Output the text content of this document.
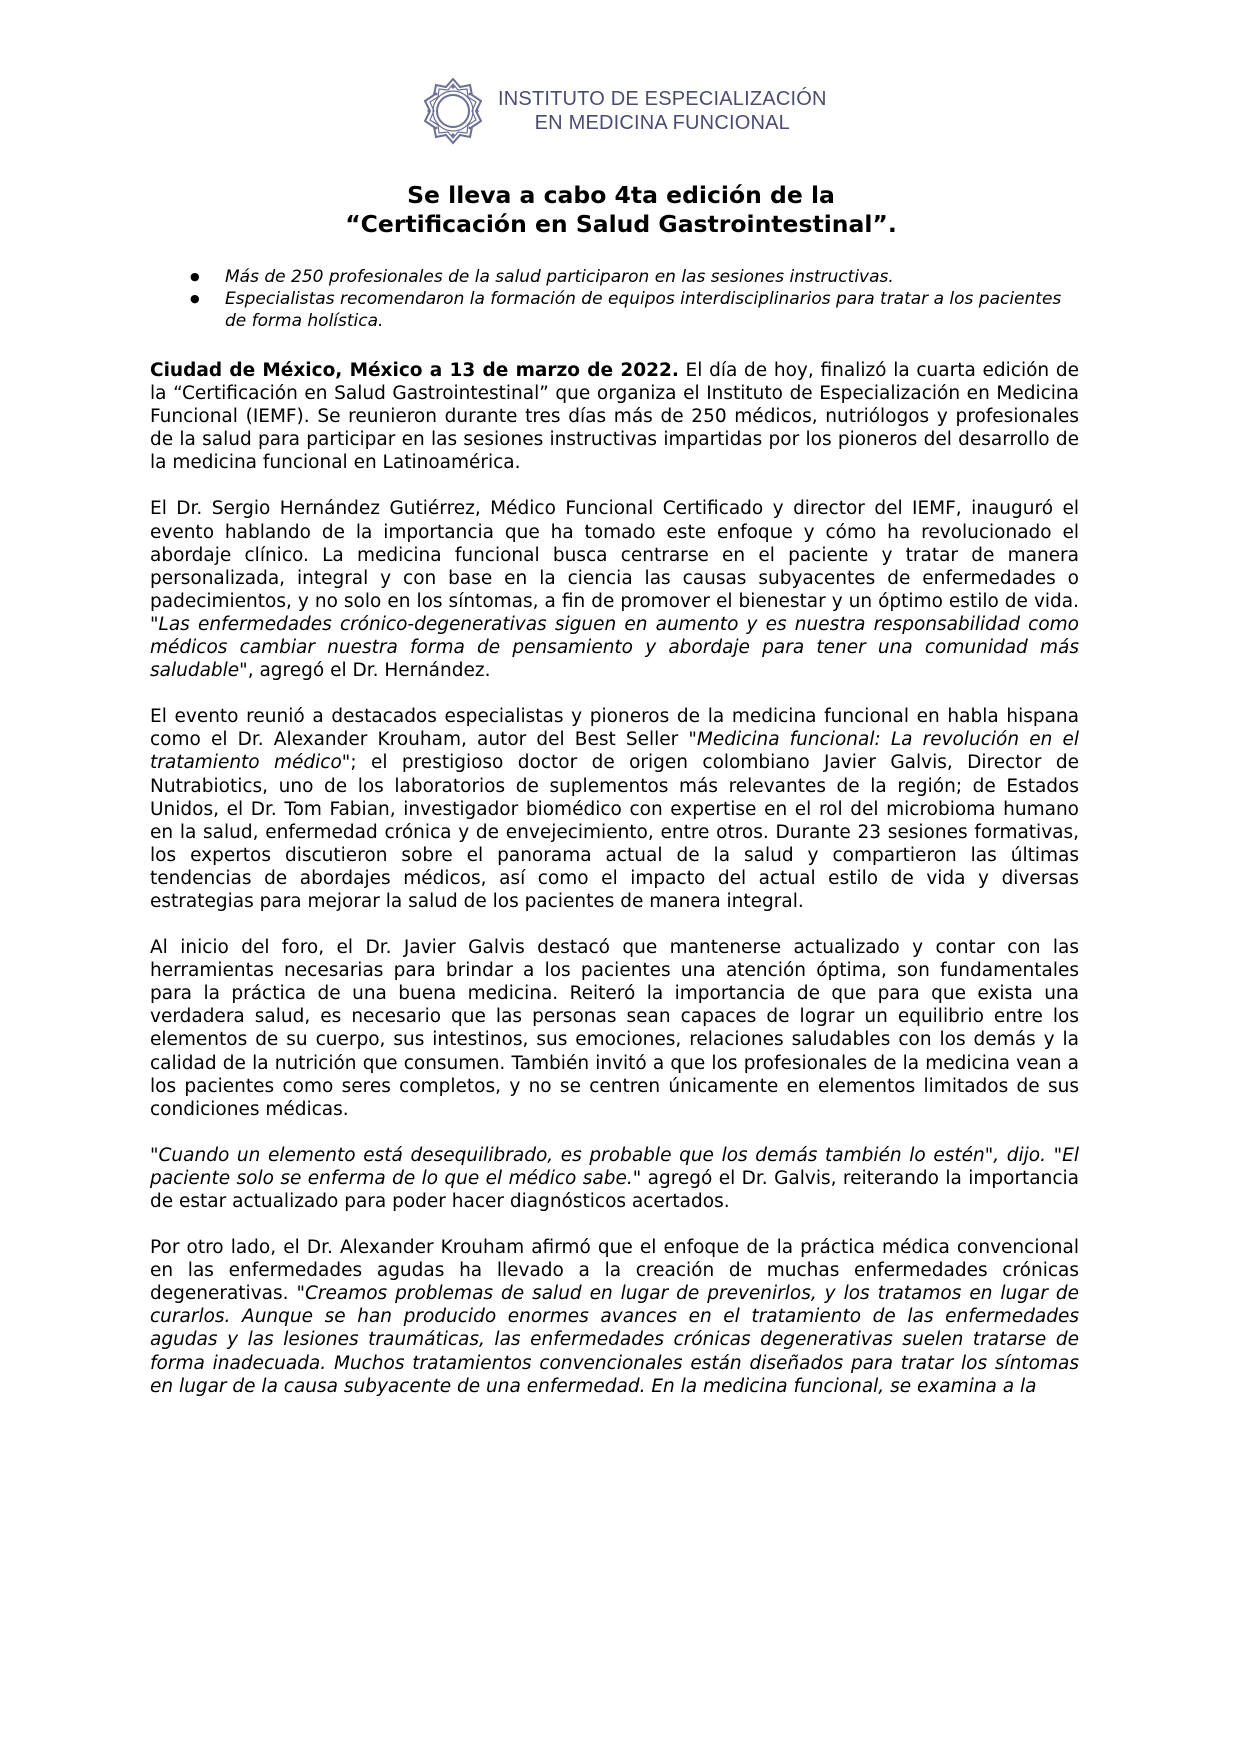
INSTITUTO DE ESPECIALIZACIÓN
EN MEDICINA FUNCIONAL
Se lleva a cabo 4ta edición de la
“Certificación en Salud Gastrointestinal”.
● Más de 250 profesionales de la salud participaron en las sesiones instructivas.
● Especialistas recomendaron la formación de equipos interdisciplinarios para tratar a los pacientes de forma holística.

Ciudad de México, México a 13 de marzo de 2022. El día de hoy, finalizó la cuarta edición de la “Certificación en Salud Gastrointestinal” que organiza el Instituto de Especialización en Medicina Funcional (IEMF). Se reunieron durante tres días más de 250 médicos, nutriólogos y profesionales de la salud para participar en las sesiones instructivas impartidas por los pioneros del desarrollo de la medicina funcional en Latinoamérica.

El Dr. Sergio Hernández Gutiérrez, Médico Funcional Certificado y director del IEMF, inauguró el evento hablando de la importancia que ha tomado este enfoque y cómo ha revolucionado el abordaje clínico. La medicina funcional busca centrarse en el paciente y tratar de manera personalizada, integral y con base en la ciencia las causas subyacentes de enfermedades o padecimientos, y no solo en los síntomas, a fin de promover el bienestar y un óptimo estilo de vida. "Las enfermedades crónico-degenerativas siguen en aumento y es nuestra responsabilidad como médicos cambiar nuestra forma de pensamiento y abordaje para tener una comunidad más saludable", agregó el Dr. Hernández.

El evento reunió a destacados especialistas y pioneros de la medicina funcional en habla hispana como el Dr. Alexander Krouham, autor del Best Seller "Medicina funcional: La revolución en el tratamiento médico"; el prestigioso doctor de origen colombiano Javier Galvis, Director de Nutrabiotics, uno de los laboratorios de suplementos más relevantes de la región; de Estados Unidos, el Dr. Tom Fabian, investigador biomédico con expertise en el rol del microbioma humano en la salud, enfermedad crónica y de envejecimiento, entre otros. Durante 23 sesiones formativas, los expertos discutieron sobre el panorama actual de la salud y compartieron las últimas tendencias de abordajes médicos, así como el impacto del actual estilo de vida y diversas estrategias para mejorar la salud de los pacientes de manera integral.

Al inicio del foro, el Dr. Javier Galvis destacó que mantenerse actualizado y contar con las herramientas necesarias para brindar a los pacientes una atención óptima, son fundamentales para la práctica de una buena medicina. Reiteró la importancia de que para que exista una verdadera salud, es necesario que las personas sean capaces de lograr un equilibrio entre los elementos de su cuerpo, sus intestinos, sus emociones, relaciones saludables con los demás y la calidad de la nutrición que consumen. También invitó a que los profesionales de la medicina vean a los pacientes como seres completos, y no se centren únicamente en elementos limitados de sus condiciones médicas.

"Cuando un elemento está desequilibrado, es probable que los demás también lo estén", dijo. "El paciente solo se enferma de lo que el médico sabe." agregó el Dr. Galvis, reiterando la importancia de estar actualizado para poder hacer diagnósticos acertados.

Por otro lado, el Dr. Alexander Krouham afirmó que el enfoque de la práctica médica convencional en las enfermedades agudas ha llevado a la creación de muchas enfermedades crónicas degenerativas. "Creamos problemas de salud en lugar de prevenirlos, y los tratamos en lugar de curarlos. Aunque se han producido enormes avances en el tratamiento de las enfermedades agudas y las lesiones traumáticas, las enfermedades crónicas degenerativas suelen tratarse de forma inadecuada. Muchos tratamientos convencionales están diseñados para tratar los síntomas en lugar de la causa subyacente de una enfermedad. En la medicina funcional, se examina a la
